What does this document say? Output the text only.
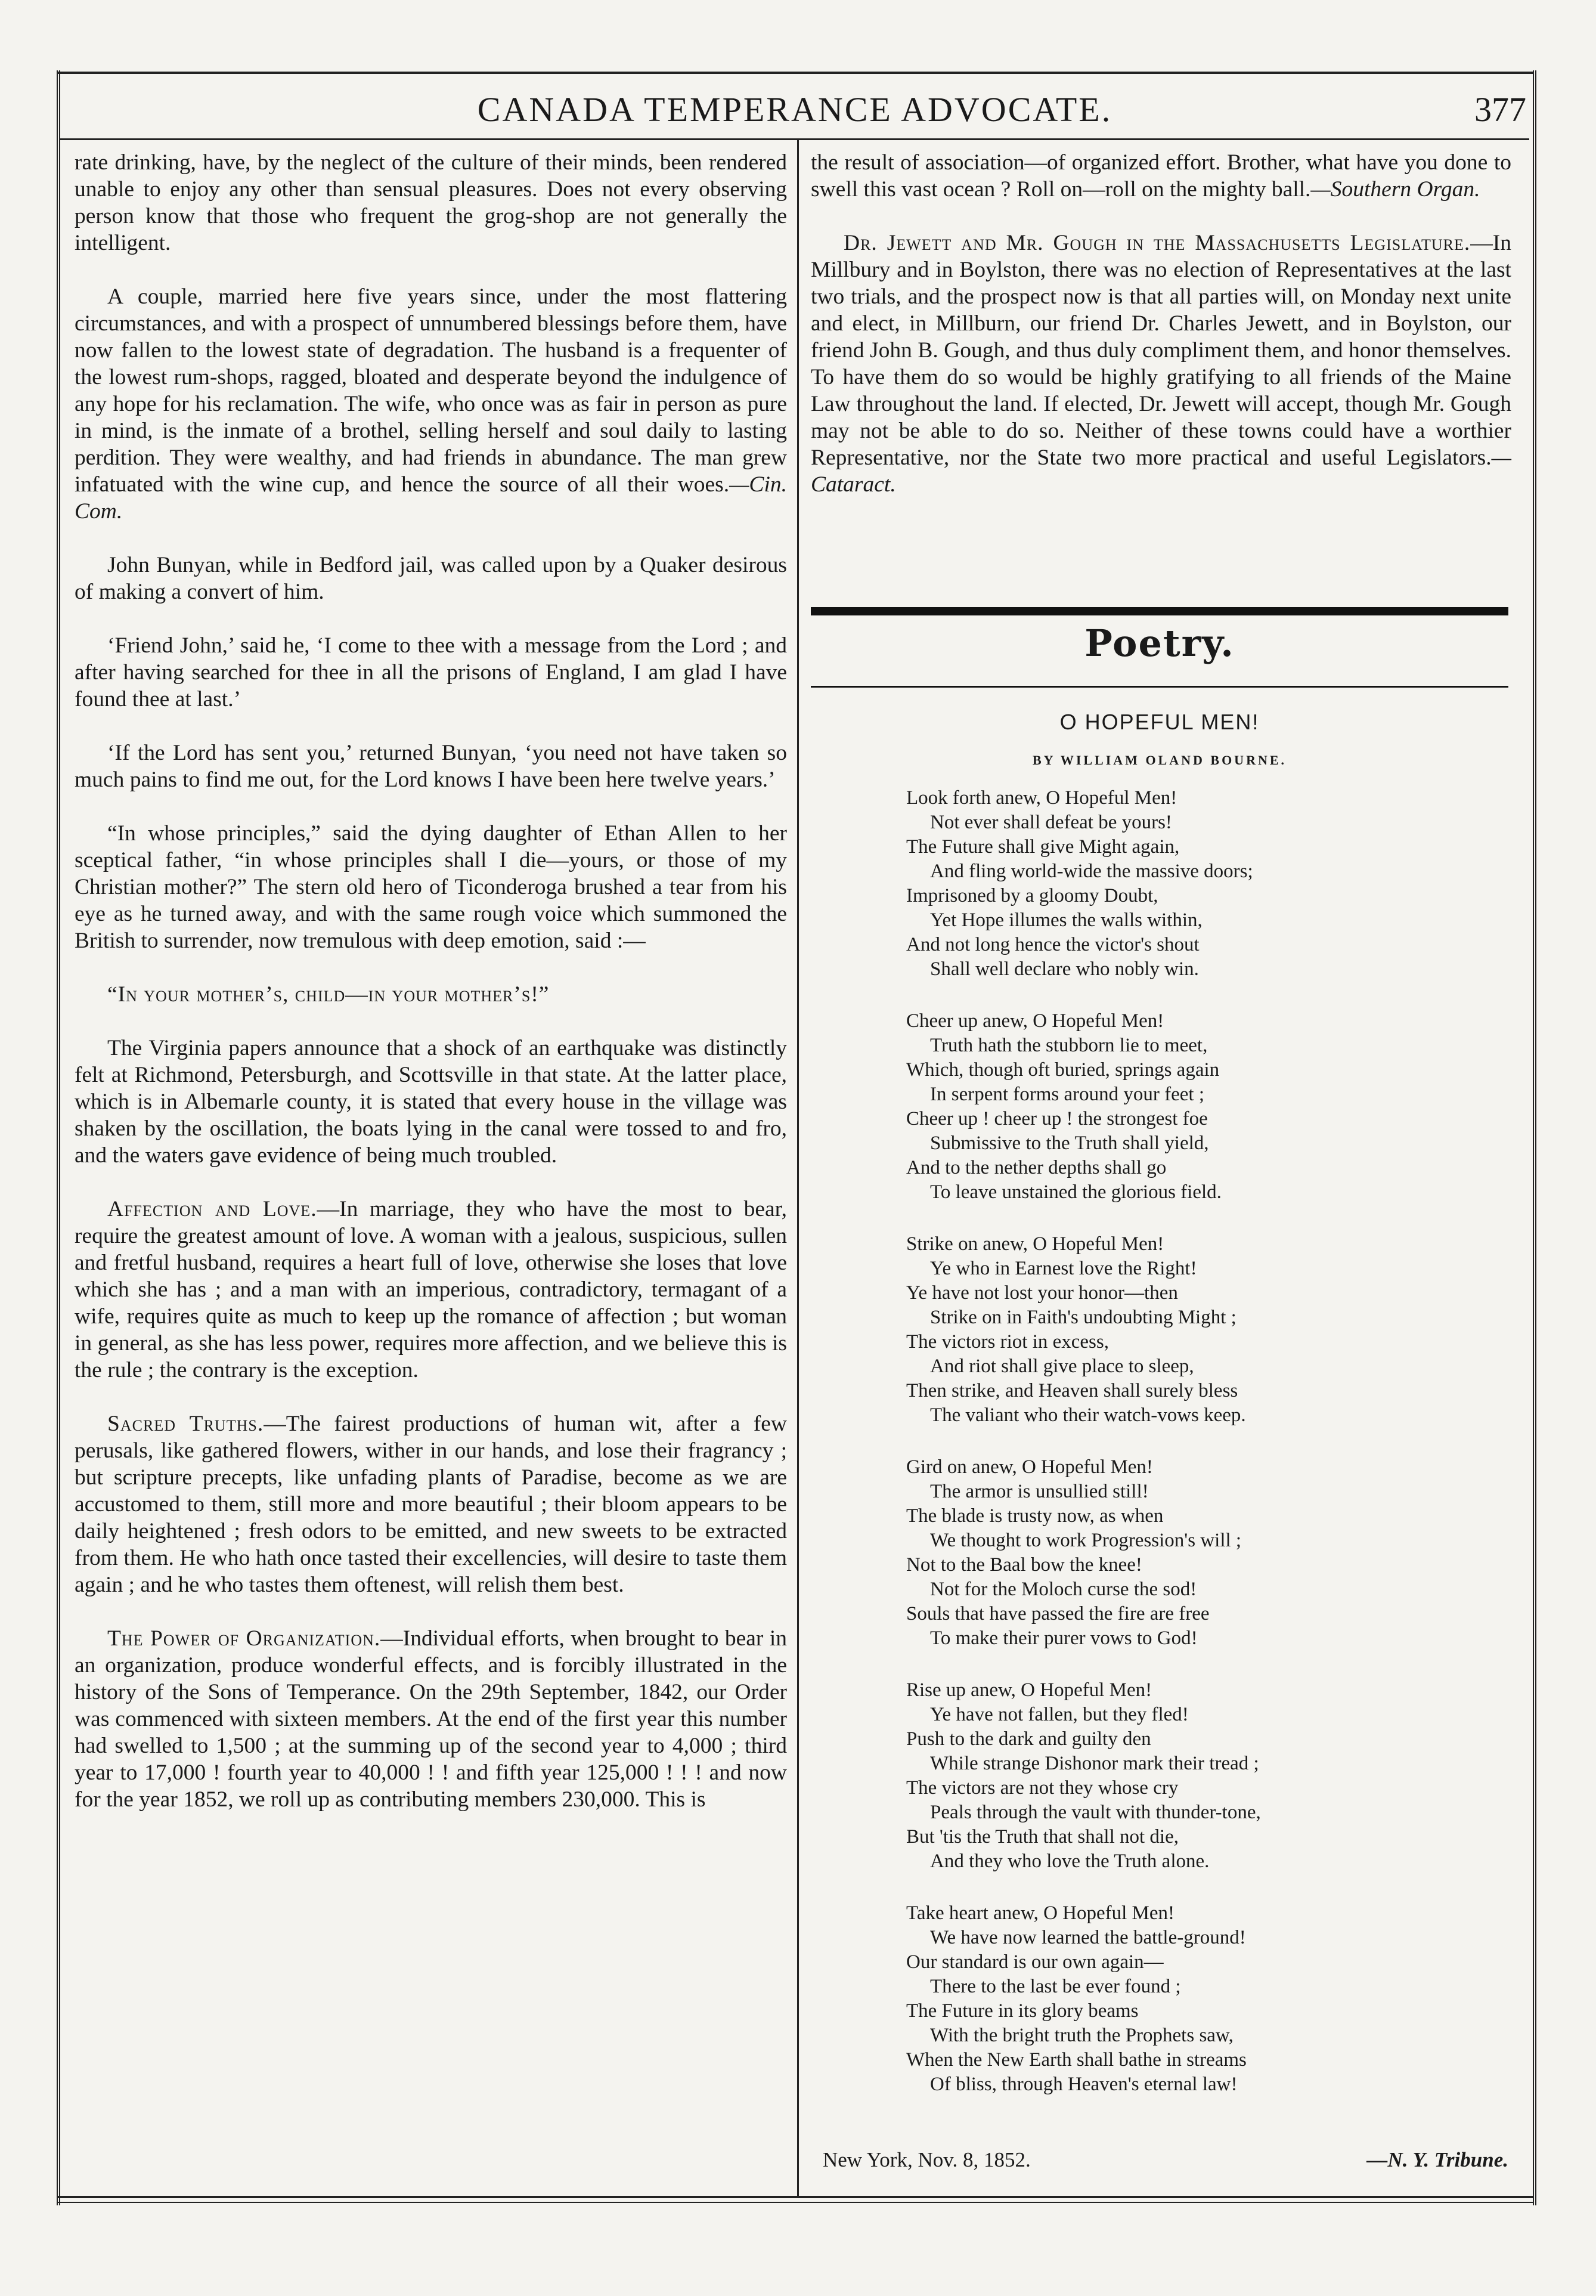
CANADA TEMPERANCE ADVOCATE.	377

rate drinking, have, by the neglect of the culture of their minds, been rendered unable to enjoy any other than sensual pleasures. Does not every observing person know that those who frequent the grog-shop are not generally the intelligent.

A couple, married here five years since, under the most flattering circumstances, and with a prospect of unnumbered blessings before them, have now fallen to the lowest state of degradation. The husband is a frequenter of the lowest rum-shops, ragged, bloated and desperate beyond the indulgence of any hope for his reclamation. The wife, who once was as fair in person as pure in mind, is the inmate of a brothel, selling herself and soul daily to lasting perdition. They were wealthy, and had friends in abundance. The man grew infatuated with the wine cup, and hence the source of all their woes.—Cin. Com.

John Bunyan, while in Bedford jail, was called upon by a Quaker desirous of making a convert of him.

‘Friend John,’ said he, ‘I come to thee with a message from the Lord ; and after having searched for thee in all the prisons of England, I am glad I have found thee at last.’

‘If the Lord has sent you,’ returned Bunyan, ‘you need not have taken so much pains to find me out, for the Lord knows I have been here twelve years.’

“In whose principles,” said the dying daughter of Ethan Allen to her sceptical father, “in whose principles shall I die—yours, or those of my Christian mother?” The stern old hero of Ticonderoga brushed a tear from his eye as he turned away, and with the same rough voice which summoned the British to surrender, now tremulous with deep emotion, said :—

“In your mother’s, child—in your mother’s!”

The Virginia papers announce that a shock of an earthquake was distinctly felt at Richmond, Petersburgh, and Scottsville in that state. At the latter place, which is in Albemarle county, it is stated that every house in the village was shaken by the oscillation, the boats lying in the canal were tossed to and fro, and the waters gave evidence of being much troubled.

Affection and Love.—In marriage, they who have the most to bear, require the greatest amount of love. A woman with a jealous, suspicious, sullen and fretful husband, requires a heart full of love, otherwise she loses that love which she has ; and a man with an imperious, contradictory, termagant of a wife, requires quite as much to keep up the romance of affection ; but woman in general, as she has less power, requires more affection, and we believe this is the rule ; the contrary is the exception.

Sacred Truths.—The fairest productions of human wit, after a few perusals, like gathered flowers, wither in our hands, and lose their fragrancy ; but scripture precepts, like unfading plants of Paradise, become as we are accustomed to them, still more and more beautiful ; their bloom appears to be daily heightened ; fresh odors to be emitted, and new sweets to be extracted from them. He who hath once tasted their excellencies, will desire to taste them again ; and he who tastes them oftenest, will relish them best.

The Power of Organization.—Individual efforts, when brought to bear in an organization, produce wonderful effects, and is forcibly illustrated in the history of the Sons of Temperance. On the 29th September, 1842, our Order was commenced with sixteen members. At the end of the first year this number had swelled to 1,500 ; at the summing up of the second year to 4,000 ; third year to 17,000 ! fourth year to 40,000 ! ! and fifth year 125,000 ! ! ! and now for the year 1852, we roll up as contributing members 230,000. This is

the result of association—of organized effort. Brother, what have you done to swell this vast ocean ? Roll on—roll on the mighty ball.—Southern Organ.

Dr. Jewett and Mr. Gough in the Massachusetts Legislature.—In Millbury and in Boylston, there was no election of Representatives at the last two trials, and the prospect now is that all parties will, on Monday next unite and elect, in Millburn, our friend Dr. Charles Jewett, and in Boylston, our friend John B. Gough, and thus duly compliment them, and honor themselves. To have them do so would be highly gratifying to all friends of the Maine Law throughout the land. If elected, Dr. Jewett will accept, though Mr. Gough may not be able to do so. Neither of these towns could have a worthier Representative, nor the State two more practical and useful Legislators.—Cataract.

Poetry.
O HOPEFUL MEN!
BY WILLIAM OLAND BOURNE.
Look forth anew, O Hopeful Men!
Not ever shall defeat be yours!
The Future shall give Might again,
And fling world-wide the massive doors;
Imprisoned by a gloomy Doubt,
Yet Hope illumes the walls within,
And not long hence the victor's shout
Shall well declare who nobly win.
Cheer up anew, O Hopeful Men!
Truth hath the stubborn lie to meet,
Which, though oft buried, springs again
In serpent forms around your feet ;
Cheer up ! cheer up ! the strongest foe
Submissive to the Truth shall yield,
And to the nether depths shall go
To leave unstained the glorious field.
Strike on anew, O Hopeful Men!
Ye who in Earnest love the Right!
Ye have not lost your honor—then
Strike on in Faith's undoubting Might ;
The victors riot in excess,
And riot shall give place to sleep,
Then strike, and Heaven shall surely bless
The valiant who their watch-vows keep.
Gird on anew, O Hopeful Men!
The armor is unsullied still!
The blade is trusty now, as when
We thought to work Progression's will ;
Not to the Baal bow the knee!
Not for the Moloch curse the sod!
Souls that have passed the fire are free
To make their purer vows to God!
Rise up anew, O Hopeful Men!
Ye have not fallen, but they fled!
Push to the dark and guilty den
While strange Dishonor mark their tread ;
The victors are not they whose cry
Peals through the vault with thunder-tone,
But 'tis the Truth that shall not die,
And they who love the Truth alone.
Take heart anew, O Hopeful Men!
We have now learned the battle-ground!
Our standard is our own again—
There to the last be ever found ;
The Future in its glory beams
With the bright truth the Prophets saw,
When the New Earth shall bathe in streams
Of bliss, through Heaven's eternal law!
New York, Nov. 8, 1852.	—N. Y. Tribune.
